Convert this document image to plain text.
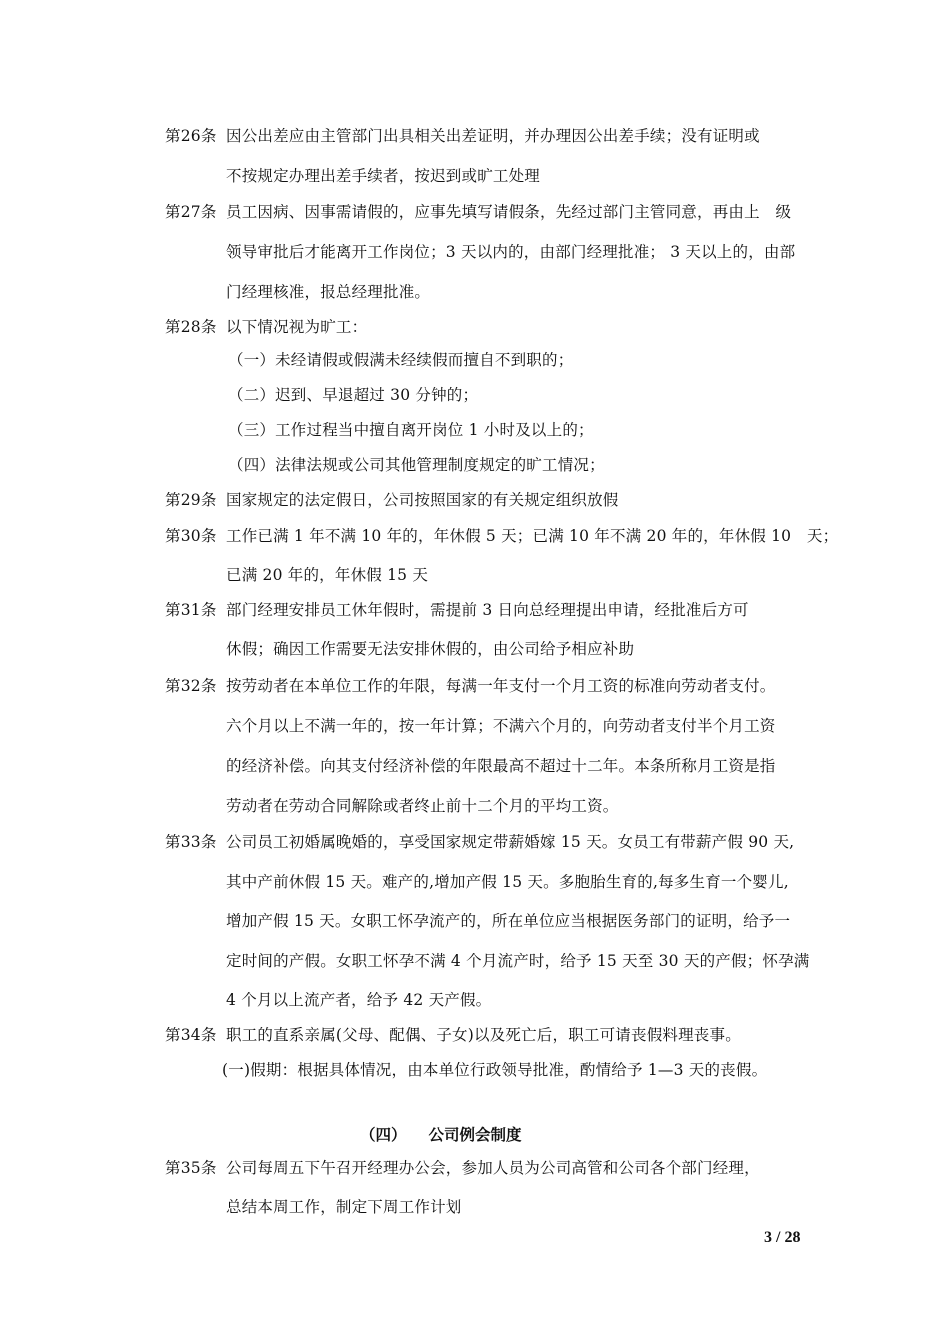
第26条 因公出差应由主管部门出具相关出差证明，并办理因公出差手续；没有证明或
不按规定办理出差手续者，按迟到或旷工处理
第27条 员工因病、因事需请假的，应事先填写请假条，先经过部门主管同意，再由上　级
领导审批后才能离开工作岗位；3 天以内的，由部门经理批准； 3 天以上的，由部
门经理核准，报总经理批准。
第28条 以下情况视为旷工：
（一）未经请假或假满未经续假而擅自不到职的；
（二）迟到、早退超过 30 分钟的；
（三）工作过程当中擅自离开岗位 1 小时及以上的；
（四）法律法规或公司其他管理制度规定的旷工情况；
第29条 国家规定的法定假日，公司按照国家的有关规定组织放假
第30条 工作已满 1 年不满 10 年的，年休假 5 天；已满 10 年不满 20 年的，年休假 10　天；
已满 20 年的，年休假 15 天
第31条 部门经理安排员工休年假时，需提前 3 日向总经理提出申请，经批准后方可
休假；确因工作需要无法安排休假的，由公司给予相应补助
第32条 按劳动者在本单位工作的年限，每满一年支付一个月工资的标准向劳动者支付。
六个月以上不满一年的，按一年计算；不满六个月的，向劳动者支付半个月工资
的经济补偿。向其支付经济补偿的年限最高不超过十二年。本条所称月工资是指
劳动者在劳动合同解除或者终止前十二个月的平均工资。
第33条 公司员工初婚属晚婚的，享受国家规定带薪婚嫁 15 天。女员工有带薪产假 90 天,
其中产前休假 15 天。难产的,增加产假 15 天。多胞胎生育的,每多生育一个婴儿,
增加产假 15 天。女职工怀孕流产的，所在单位应当根据医务部门的证明，给予一
定时间的产假。女职工怀孕不满 4 个月流产时，给予 15 天至 30 天的产假；怀孕满
4 个月以上流产者，给予 42 天产假。
第34条 职工的直系亲属(父母、配偶、子女)以及死亡后，职工可请丧假料理丧事。
(一)假期：根据具体情况，由本单位行政领导批准，酌情给予 1—3 天的丧假。
（四） 公司例会制度
第35条 公司每周五下午召开经理办公会，参加人员为公司高管和公司各个部门经理，
总结本周工作，制定下周工作计划
3 / 28
